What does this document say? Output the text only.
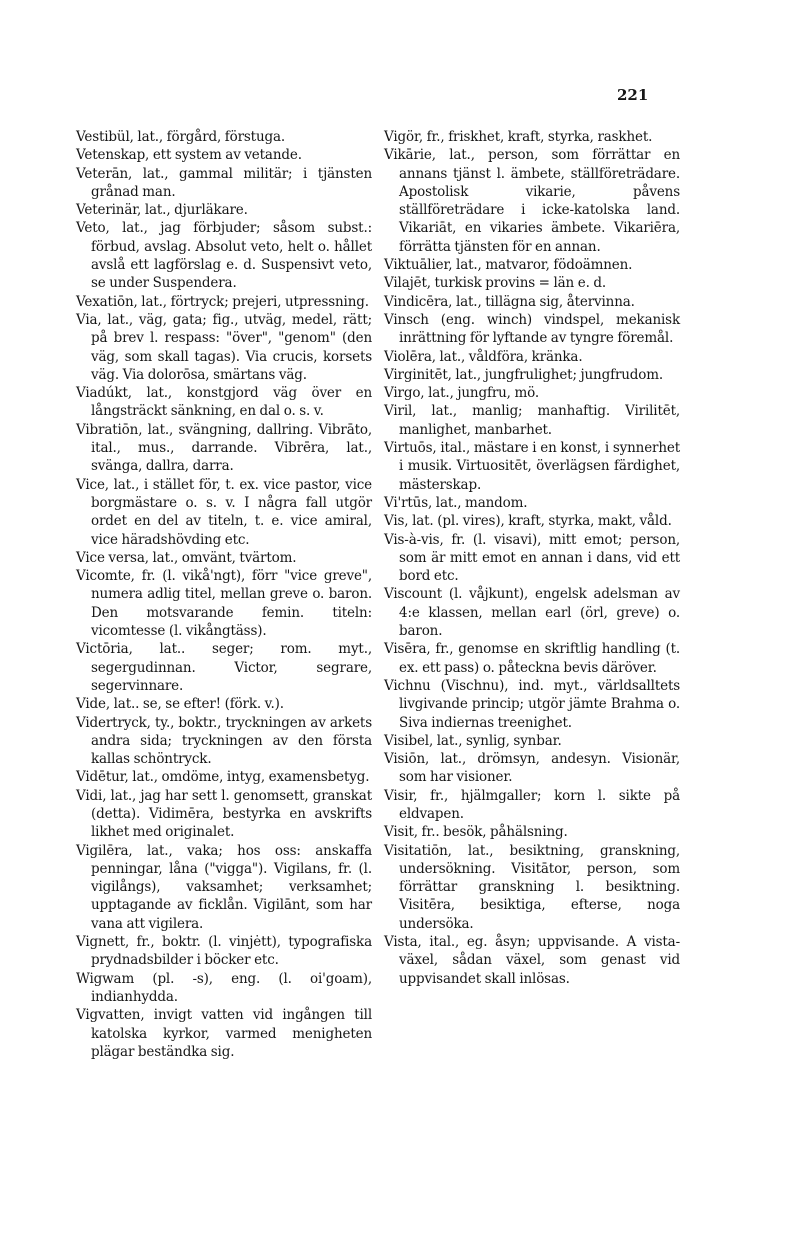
221

Vestibül, lat., förgård, förstuga.

Vetenskap, ett system av vetande.

Veterān, lat., gammal militär; i tjänsten grånad man.

Veterinär, lat., djurläkare.

Veto, lat., jag förbjuder; såsom subst.: förbud, avslag. Absolut veto, helt o. hållet avslå ett lagförslag e. d. Suspensivt veto, se under Suspendera.

Vexatiōn, lat., förtryck; prejeri, utpressning.

Via, lat., väg, gata; fig., utväg, medel, rätt; på brev l. respass: "över", "genom" (den väg, som skall tagas). Via crucis, korsets väg. Via dolorōsa, smärtans väg.

Viadúkt, lat., konstgjord väg över en långsträckt sänkning, en dal o. s. v.

Vibratiōn, lat., svängning, dallring. Vibrāto, ital., mus., darrande. Vibrēra, lat., svänga, dallra, darra.

Vice, lat., i stället för, t. ex. vice pastor, vice borgmästare o. s. v. I några fall utgör ordet en del av titeln, t. e. vice amiral, vice häradshövding etc.

Vice versa, lat., omvänt, tvärtom.

Vicomte, fr. (l. vikå'ngt), förr "vice greve", numera adlig titel, mellan greve o. baron. Den motsvarande femin. titeln: vicomtesse (l. vikångtäss).

Victōria, lat.. seger; rom. myt., segergudinnan. Victor, segrare, segervinnare.

Vide, lat.. se, se efter! (förk. v.).

Vidertryck, ty., boktr., tryckningen av arkets andra sida; tryckningen av den första kallas schöntryck.

Vidētur, lat., omdöme, intyg, examensbetyg.

Vidi, lat., jag har sett l. genomsett, granskat (detta). Vidimēra, bestyrka en avskrifts likhet med originalet.

Vigilēra, lat., vaka; hos oss: anskaffa penningar, låna ("vigga"). Vigilans, fr. (l. vigilångs), vaksamhet; verksamhet; upptagande av ficklån. Vigilānt, som har vana att vigilera.

Vignett, fr., boktr. (l. vinjėtt), typografiska prydnadsbilder i böcker etc.

Wigwam (pl. -s), eng. (l. oi'goam), indianhydda.

Vigvatten, invigt vatten vid ingången till katolska kyrkor, varmed menigheten plägar beständka sig.

Vigör, fr., friskhet, kraft, styrka, raskhet.

Vikārie, lat., person, som förrättar en annans tjänst l. ämbete, ställföreträdare. Apostolisk vikarie, påvens ställföreträdare i icke-katolska land. Vikariāt, en vikaries ämbete. Vikariēra, förrätta tjänsten för en annan.

Viktuālier, lat., matvaror, födoämnen.

Vilajēt, turkisk provins = län e. d.

Vindicēra, lat., tillägna sig, återvinna.

Vinsch (eng. winch) vindspel, mekanisk inrättning för lyftande av tyngre föremål.

Violēra, lat., våldföra, kränka.

Virginitēt, lat., jungfrulighet; jungfrudom.

Virgo, lat., jungfru, mö.

Viril, lat., manlig; manhaftig. Virilitēt, manlighet, manbarhet.

Virtuōs, ital., mästare i en konst, i synnerhet i musik. Virtuositēt, överlägsen färdighet, mästerskap.

Vi'rtūs, lat., mandom.

Vis, lat. (pl. vires), kraft, styrka, makt, våld.

Vis-à-vis, fr. (l. visavi), mitt emot; person, som är mitt emot en annan i dans, vid ett bord etc.

Viscount (l. våjkunt), engelsk adelsman av 4:e klassen, mellan earl (örl, greve) o. baron.

Visēra, fr., genomse en skriftlig handling (t. ex. ett pass) o. påteckna bevis däröver.

Vichnu (Vischnu), ind. myt., världsalltets livgivande princip; utgör jämte Brahma o. Siva indiernas treenighet.

Visibel, lat., synlig, synbar.

Visiōn, lat., drömsyn, andesyn. Visionär, som har visioner.

Visir, fr., hjälmgaller; korn l. sikte på eldvapen.

Visit, fr.. besök, påhälsning.

Visitatiōn, lat., besiktning, granskning, undersökning. Visitātor, person, som förrättar granskning l. besiktning. Visitēra, besiktiga, efterse, noga undersöka.

Vista, ital., eg. åsyn; uppvisande. A vista-växel, sådan växel, som genast vid uppvisandet skall inlösas.
